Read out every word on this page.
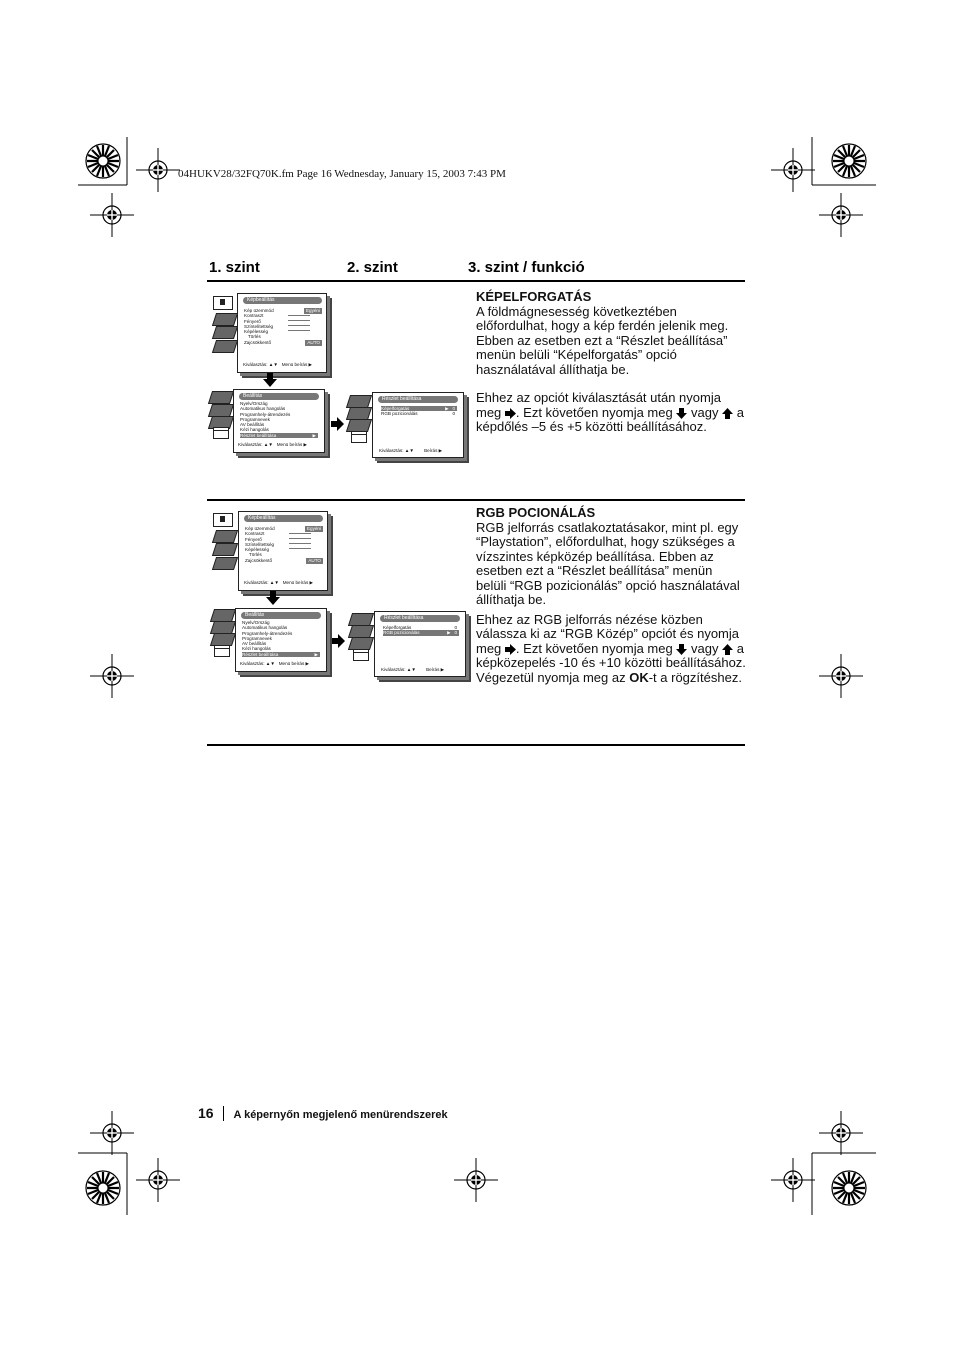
04HUKV28/32FQ70K.fm Page 16 Wednesday, January 15, 2003 7:43 PM
1. szint	2. szint	3. szint / funkció
Képbeállítás
Kép üzemmód	Egyéni
Kontraszt
Fényerő
Színtelítettség
Képélesség
Törlés
Zajcsökkentő	AUTO
Kiválasztás: ▲▼   Menü beírás ▶
Beállítás
Nyelv/Ország
Automatikus hangolás
Programhely-átrendezés
Programnevek
AV beállítás
Kézi hangolás
Részlet beállítása	▶
Kiválasztás: ▲▼   Menü beírás ▶
Részlet beállítása
Képelforgatás	▶   0
RGB pozicionálás	0
Kiválasztás: ▲▼        Beírás ▶

KÉPELFORGATÁS

A földmágnesesség következtében előfordulhat, hogy a kép ferdén jelenik meg. Ebben az esetben ezt a “Részlet beállítása” menün belüli “Képelforgatás” opció használatával állíthatja be.

Ehhez az opciót kiválasztását után nyomja meg . Ezt követően nyomja meg vagy a képdőlés –5 és +5 közötti beállításához.

Képbeállítás
Kép üzemmód	Egyéni
Kontraszt
Fényerő
Színtelítettség
Képélesség
Törlés
Zajcsökkentő	AUTO
Kiválasztás: ▲▼   Menü beírás ▶
Beállítás
Nyelv/Ország
Automatikus hangolás
Programhely-átrendezés
Programnevek
AV beállítás
Kézi hangolás
Részlet beállítása	▶
Kiválasztás: ▲▼   Menü beírás ▶
Részlet beállítása
Képelforgatás	0
RGB pozicionálás	▶   0
Kiválasztás: ▲▼        Beírás ▶

RGB POCIONÁLÁS

RGB jelforrás csatlakoztatásakor, mint pl. egy “Playstation”, előfordulhat, hogy szükséges a vízszintes képközép beállítása. Ebben az esetben ezt a “Részlet beállítása” menün belüli “RGB pozicionálás” opció használatával állíthatja be.

Ehhez az RGB jelforrás nézése közben válassza ki az “RGB Közép” opciót és nyomja meg . Ezt követően nyomja meg vagy a képközepelés -10 és +10 közötti beállításához. Végezetül nyomja meg az OK-t a rögzítéshez.

16 A képernyőn megjelenő menürendszerek
